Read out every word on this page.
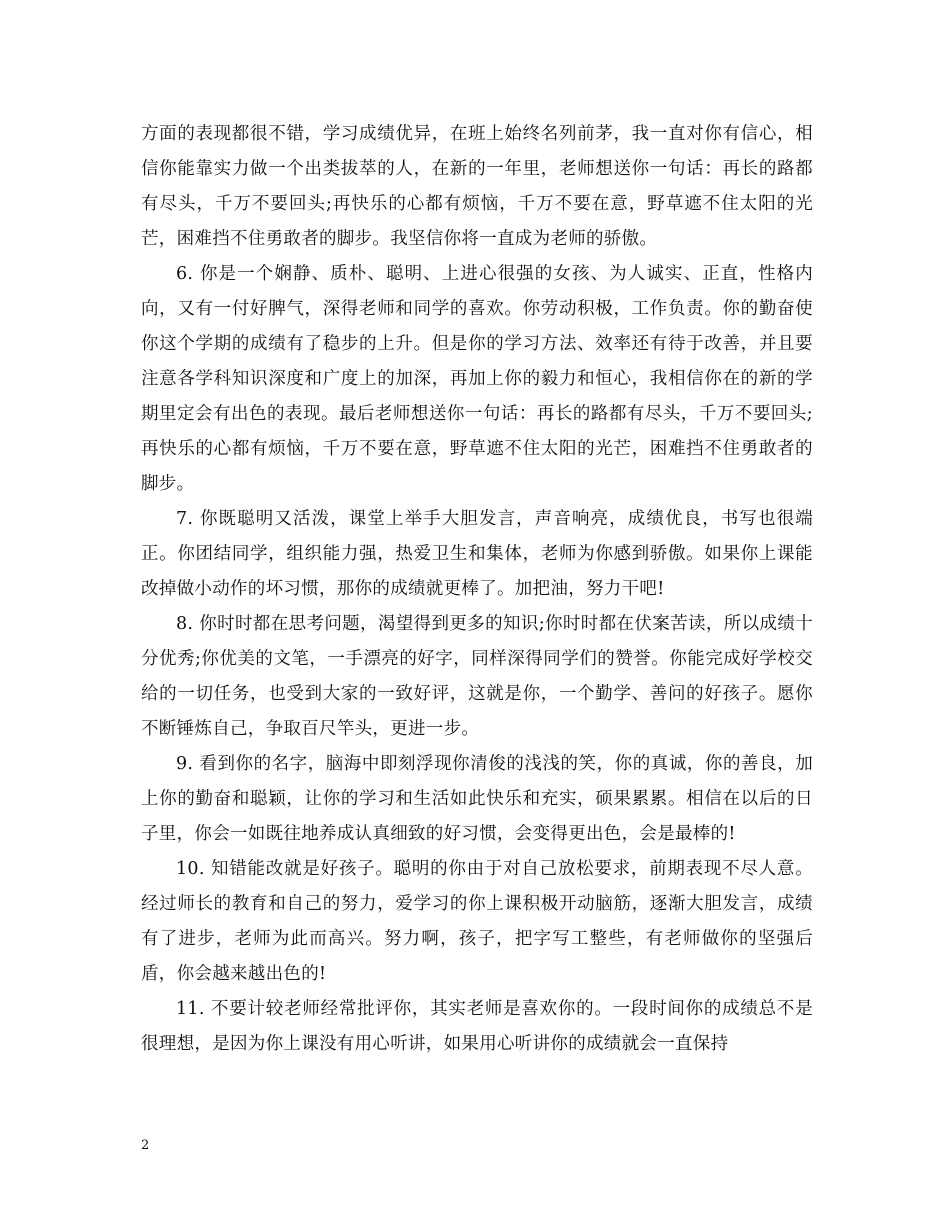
方面的表现都很不错，学习成绩优异，在班上始终名列前茅，我一直对你有信心，相信你能靠实力做一个出类拔萃的人，在新的一年里，老师想送你一句话：再长的路都有尽头，千万不要回头;再快乐的心都有烦恼，千万不要在意，野草遮不住太阳的光芒，困难挡不住勇敢者的脚步。我坚信你将一直成为老师的骄傲。

6. 你是一个娴静、质朴、聪明、上进心很强的女孩、为人诚实、正直，性格内向，又有一付好脾气，深得老师和同学的喜欢。你劳动积极，工作负责。你的勤奋使你这个学期的成绩有了稳步的上升。但是你的学习方法、效率还有待于改善，并且要注意各学科知识深度和广度上的加深，再加上你的毅力和恒心，我相信你在的新的学期里定会有出色的表现。最后老师想送你一句话：再长的路都有尽头，千万不要回头;再快乐的心都有烦恼，千万不要在意，野草遮不住太阳的光芒，困难挡不住勇敢者的脚步。

7. 你既聪明又活泼，课堂上举手大胆发言，声音响亮，成绩优良，书写也很端正。你团结同学，组织能力强，热爱卫生和集体，老师为你感到骄傲。如果你上课能改掉做小动作的坏习惯，那你的成绩就更棒了。加把油，努力干吧!

8. 你时时都在思考问题，渴望得到更多的知识;你时时都在伏案苦读，所以成绩十分优秀;你优美的文笔，一手漂亮的好字，同样深得同学们的赞誉。你能完成好学校交给的一切任务，也受到大家的一致好评，这就是你，一个勤学、善问的好孩子。愿你不断锤炼自己，争取百尺竿头，更进一步。

9. 看到你的名字，脑海中即刻浮现你清俊的浅浅的笑，你的真诚，你的善良，加上你的勤奋和聪颖，让你的学习和生活如此快乐和充实，硕果累累。相信在以后的日子里，你会一如既往地养成认真细致的好习惯，会变得更出色，会是最棒的!

10. 知错能改就是好孩子。聪明的你由于对自己放松要求，前期表现不尽人意。经过师长的教育和自己的努力，爱学习的你上课积极开动脑筋，逐渐大胆发言，成绩有了进步，老师为此而高兴。努力啊，孩子，把字写工整些，有老师做你的坚强后盾，你会越来越出色的!

11. 不要计较老师经常批评你，其实老师是喜欢你的。一段时间你的成绩总不是很理想，是因为你上课没有用心听讲，如果用心听讲你的成绩就会一直保持

2
